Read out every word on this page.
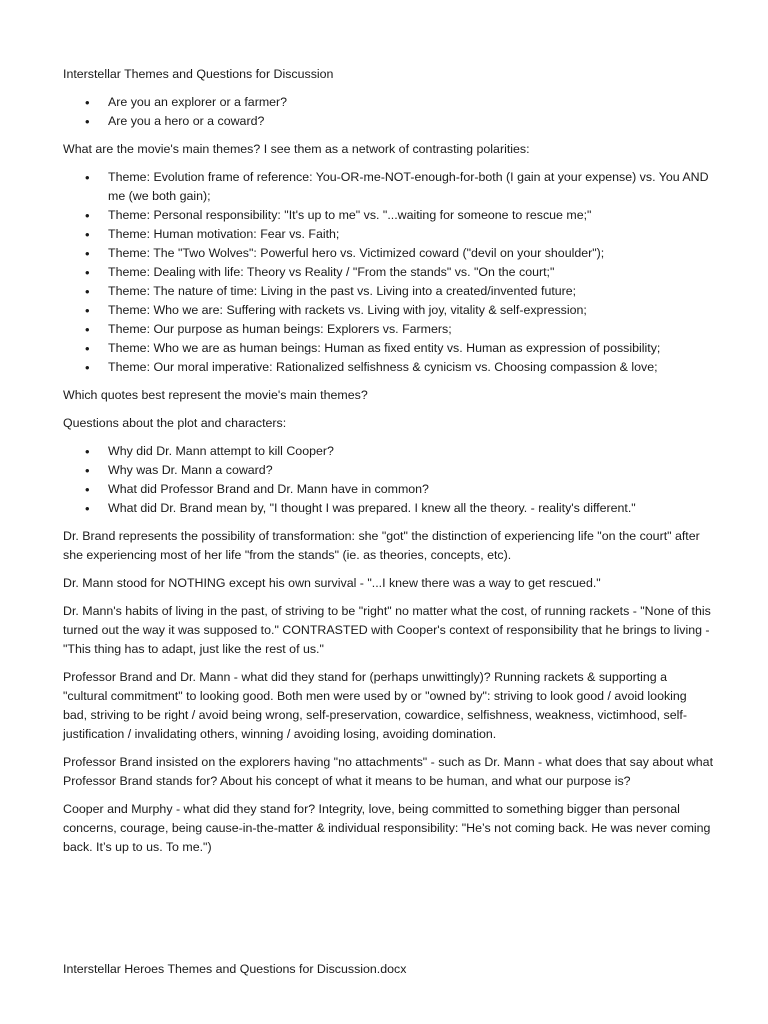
Interstellar Themes and Questions for Discussion

• Are you an explorer or a farmer?
• Are you a hero or a coward?

What are the movie's main themes? I see them as a network of contrasting polarities:

• Theme: Evolution frame of reference: You-OR-me-NOT-enough-for-both (I gain at your expense) vs. You AND me (we both gain);
• Theme: Personal responsibility: "It's up to me" vs. "...waiting for someone to rescue me;"
• Theme: Human motivation: Fear vs. Faith;
• Theme: The "Two Wolves": Powerful hero vs. Victimized coward ("devil on your shoulder");
• Theme: Dealing with life: Theory vs Reality / "From the stands" vs. "On the court;"
• Theme: The nature of time: Living in the past vs. Living into a created/invented future;
• Theme: Who we are: Suffering with rackets vs. Living with joy, vitality & self-expression;
• Theme: Our purpose as human beings: Explorers vs. Farmers;
• Theme: Who we are as human beings: Human as fixed entity vs. Human as expression of possibility;
• Theme: Our moral imperative: Rationalized selfishness & cynicism vs. Choosing compassion & love;

Which quotes best represent the movie's main themes?

Questions about the plot and characters:

• Why did Dr. Mann attempt to kill Cooper?
• Why was Dr. Mann a coward?
• What did Professor Brand and Dr. Mann have in common?
• What did Dr. Brand mean by, "I thought I was prepared. I knew all the theory. - reality's different."

Dr. Brand represents the possibility of transformation: she "got" the distinction of experiencing life "on the court" after she experiencing most of her life "from the stands" (ie. as theories, concepts, etc).

Dr. Mann stood for NOTHING except his own survival - "...I knew there was a way to get rescued."

Dr. Mann's habits of living in the past, of striving to be "right" no matter what the cost, of running rackets - "None of this turned out the way it was supposed to." CONTRASTED with Cooper's context of responsibility that he brings to living - "This thing has to adapt, just like the rest of us."

Professor Brand and Dr. Mann - what did they stand for (perhaps unwittingly)? Running rackets & supporting a "cultural commitment" to looking good. Both men were used by or "owned by": striving to look good / avoid looking bad, striving to be right / avoid being wrong, self-preservation, cowardice, selfishness, weakness, victimhood, self-justification / invalidating others, winning / avoiding losing, avoiding domination.

Professor Brand insisted on the explorers having "no attachments" - such as Dr. Mann - what does that say about what Professor Brand stands for? About his concept of what it means to be human, and what our purpose is?

Cooper and Murphy - what did they stand for? Integrity, love, being committed to something bigger than personal concerns, courage, being cause-in-the-matter & individual responsibility: "He’s not coming back. He was never coming back. It’s up to us. To me.")

Interstellar Heroes Themes and Questions for Discussion.docx
